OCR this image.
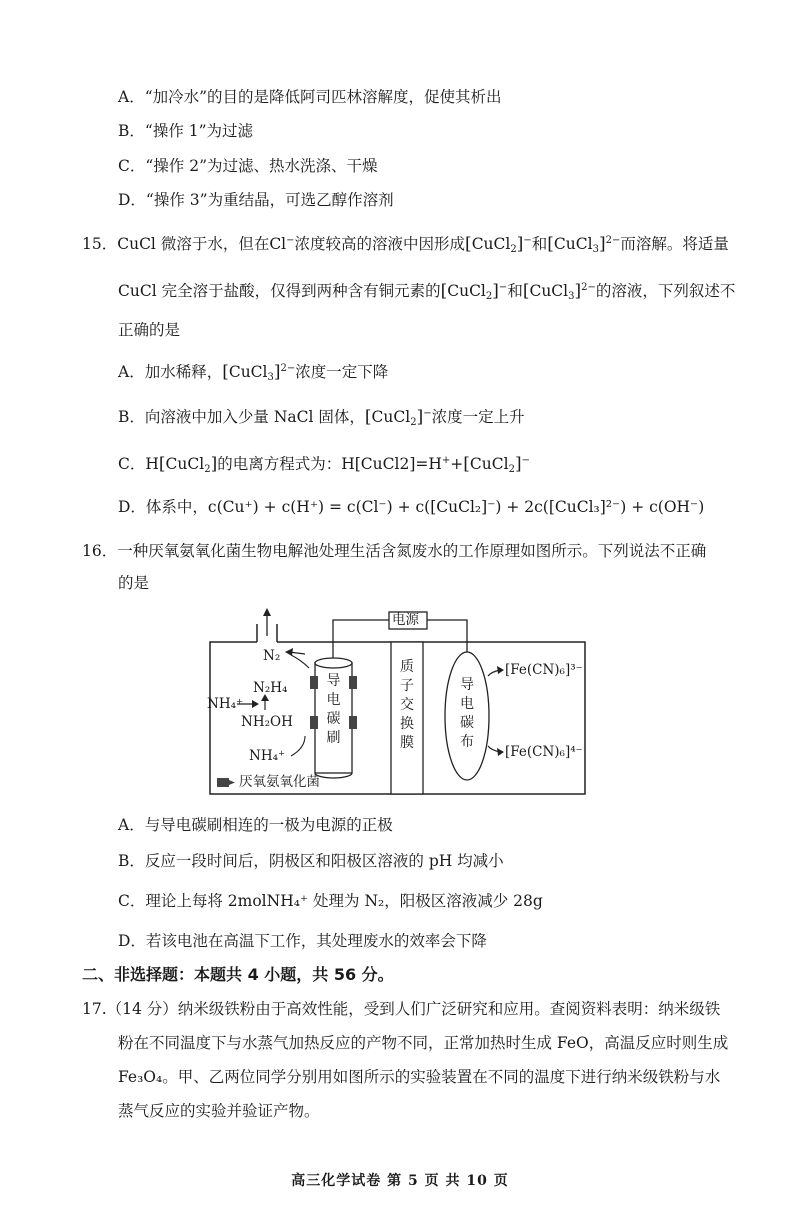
A．“加冷水”的目的是降低阿司匹林溶解度，促使其析出
B．“操作 1”为过滤
C．“操作 2”为过滤、热水洗涤、干燥
D．“操作 3”为重结晶，可选乙醇作溶剂
15．CuCl 微溶于水，但在Cl−浓度较高的溶液中因形成[CuCl$_2$]−和[CuCl$_3$]$^{2-}$而溶解。将适量
CuCl 完全溶于盐酸，仅得到两种含有铜元素的[CuCl$_2$]−和[CuCl$_3$]$^{2-}$的溶液，下列叙述不
正确的是
A．加水稀释，[CuCl$_3$]$^{2-}$浓度一定下降
B．向溶液中加入少量 NaCl 固体，[CuCl$_2$]−浓度一定上升
C．H[CuCl$_2$]的电离方程式为：H[CuCl2]=H++[CuCl$_2$]−
D．体系中，c(Cu⁺) + c(H⁺) = c(Cl⁻) + c([CuCl₂]⁻) + 2c([CuCl₃]²⁻) + c(OH⁻)
16．一种厌氧氨氧化菌生物电解池处理生活含氮废水的工作原理如图所示。下列说法不正确
的是
电源
导
电
碳
刷
质
子
交
换
膜
导
电
碳
布
N₂
N₂H₄
NH₄⁺
NH₂OH
NH₄⁺
[Fe(CN)₆]³⁻
[Fe(CN)₆]⁴⁻
厌氧氨氧化菌
A．与导电碳刷相连的一极为电源的正极
B．反应一段时间后，阴极区和阳极区溶液的 pH 均减小
C．理论上每将 2molNH₄⁺ 处理为 N₂，阳极区溶液减少 28g
D．若该电池在高温下工作，其处理废水的效率会下降
二、非选择题：本题共 4 小题，共 56 分。
17.（14 分）纳米级铁粉由于高效性能，受到人们广泛研究和应用。查阅资料表明：纳米级铁
粉在不同温度下与水蒸气加热反应的产物不同，正常加热时生成 FeO，高温反应时则生成
Fe₃O₄。甲、乙两位同学分别用如图所示的实验装置在不同的温度下进行纳米级铁粉与水
蒸气反应的实验并验证产物。
高三化学试卷 第 5 页 共 10 页
